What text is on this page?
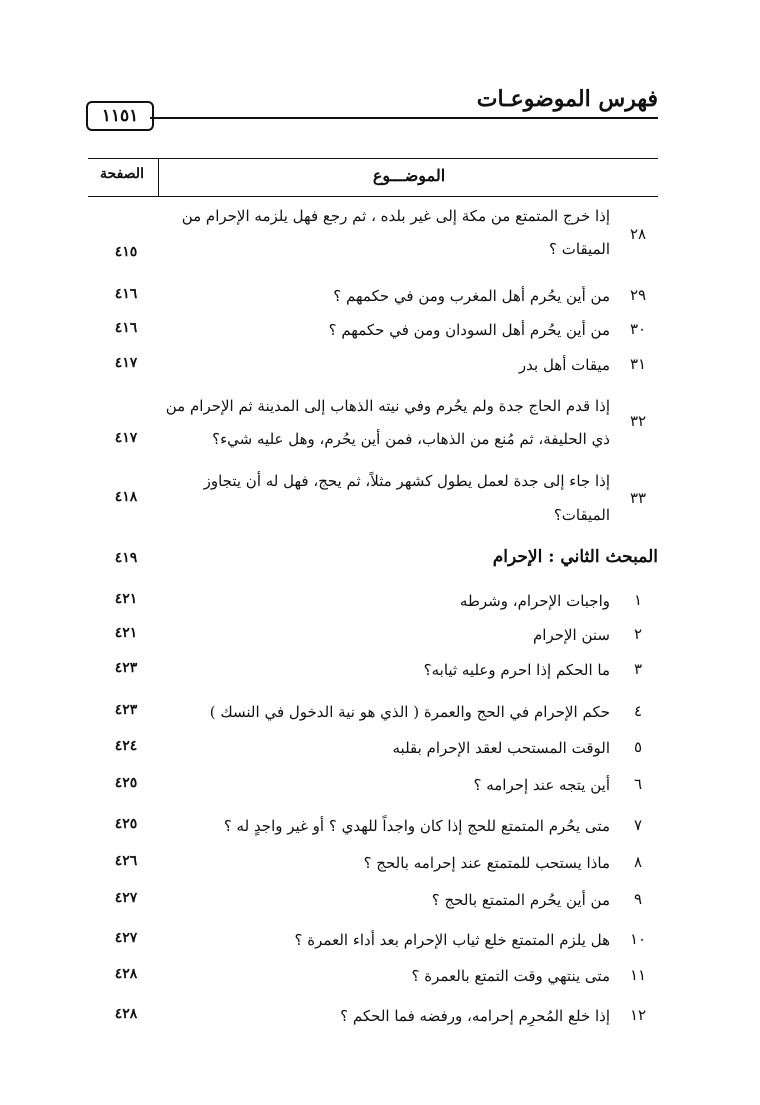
فهرس الموضوعـات
١١٥١
الموضـــوع
الصفحة
٢٨
إذا خرج المتمتع من مكة إلى غير بلده ، ثم رجع فهل يلزمه الإحرام من
الميقات ؟
٤١٥
٢٩
من أين يحُرم أهل المغرب ومن في حكمهم ؟
٤١٦
٣٠
من أين يحُرم أهل السودان ومن في حكمهم ؟
٤١٦
٣١
ميقات أهل بدر
٤١٧
٣٢
إذا قدم الحاج جدة ولم يحُرم وفي نيته الذهاب إلى المدينة ثم الإحرام من
ذي الحليفة، ثم مُنع من الذهاب، فمن أين يحُرم، وهل عليه شيء؟
٤١٧
٣٣
إذا جاء إلى جدة لعمل يطول كشهر مثلاً، ثم يحج، فهل له أن يتجاوز
الميقات؟
٤١٨
المبحث الثاني : الإحرام
٤١٩
١
واجبات الإحرام، وشرطه
٤٢١
٢
سنن الإحرام
٤٢١
٣
ما الحكم إذا احرم وعليه ثيابه؟
٤٢٣
٤
حكم الإحرام في الحج والعمرة ( الذي هو نية الدخول في النسك )
٤٢٣
٥
الوقت المستحب لعقد الإحرام بقلبه
٤٢٤
٦
أين يتجه عند إحرامه ؟
٤٢٥
٧
متى يحُرم المتمتع للحج إذا كان واجداً للهدي ؟ أو غير واجدٍ له ؟
٤٢٥
٨
ماذا يستحب للمتمتع عند إحرامه بالحج ؟
٤٢٦
٩
من أين يحُرم المتمتع بالحج ؟
٤٢٧
١٠
هل يلزم المتمتع خلع ثياب الإحرام بعد أداء العمرة ؟
٤٢٧
١١
متى ينتهي وقت التمتع بالعمرة ؟
٤٢٨
١٢
إذا خلع المُحرِم إحرامه، ورفضه فما الحكم ؟
٤٢٨
